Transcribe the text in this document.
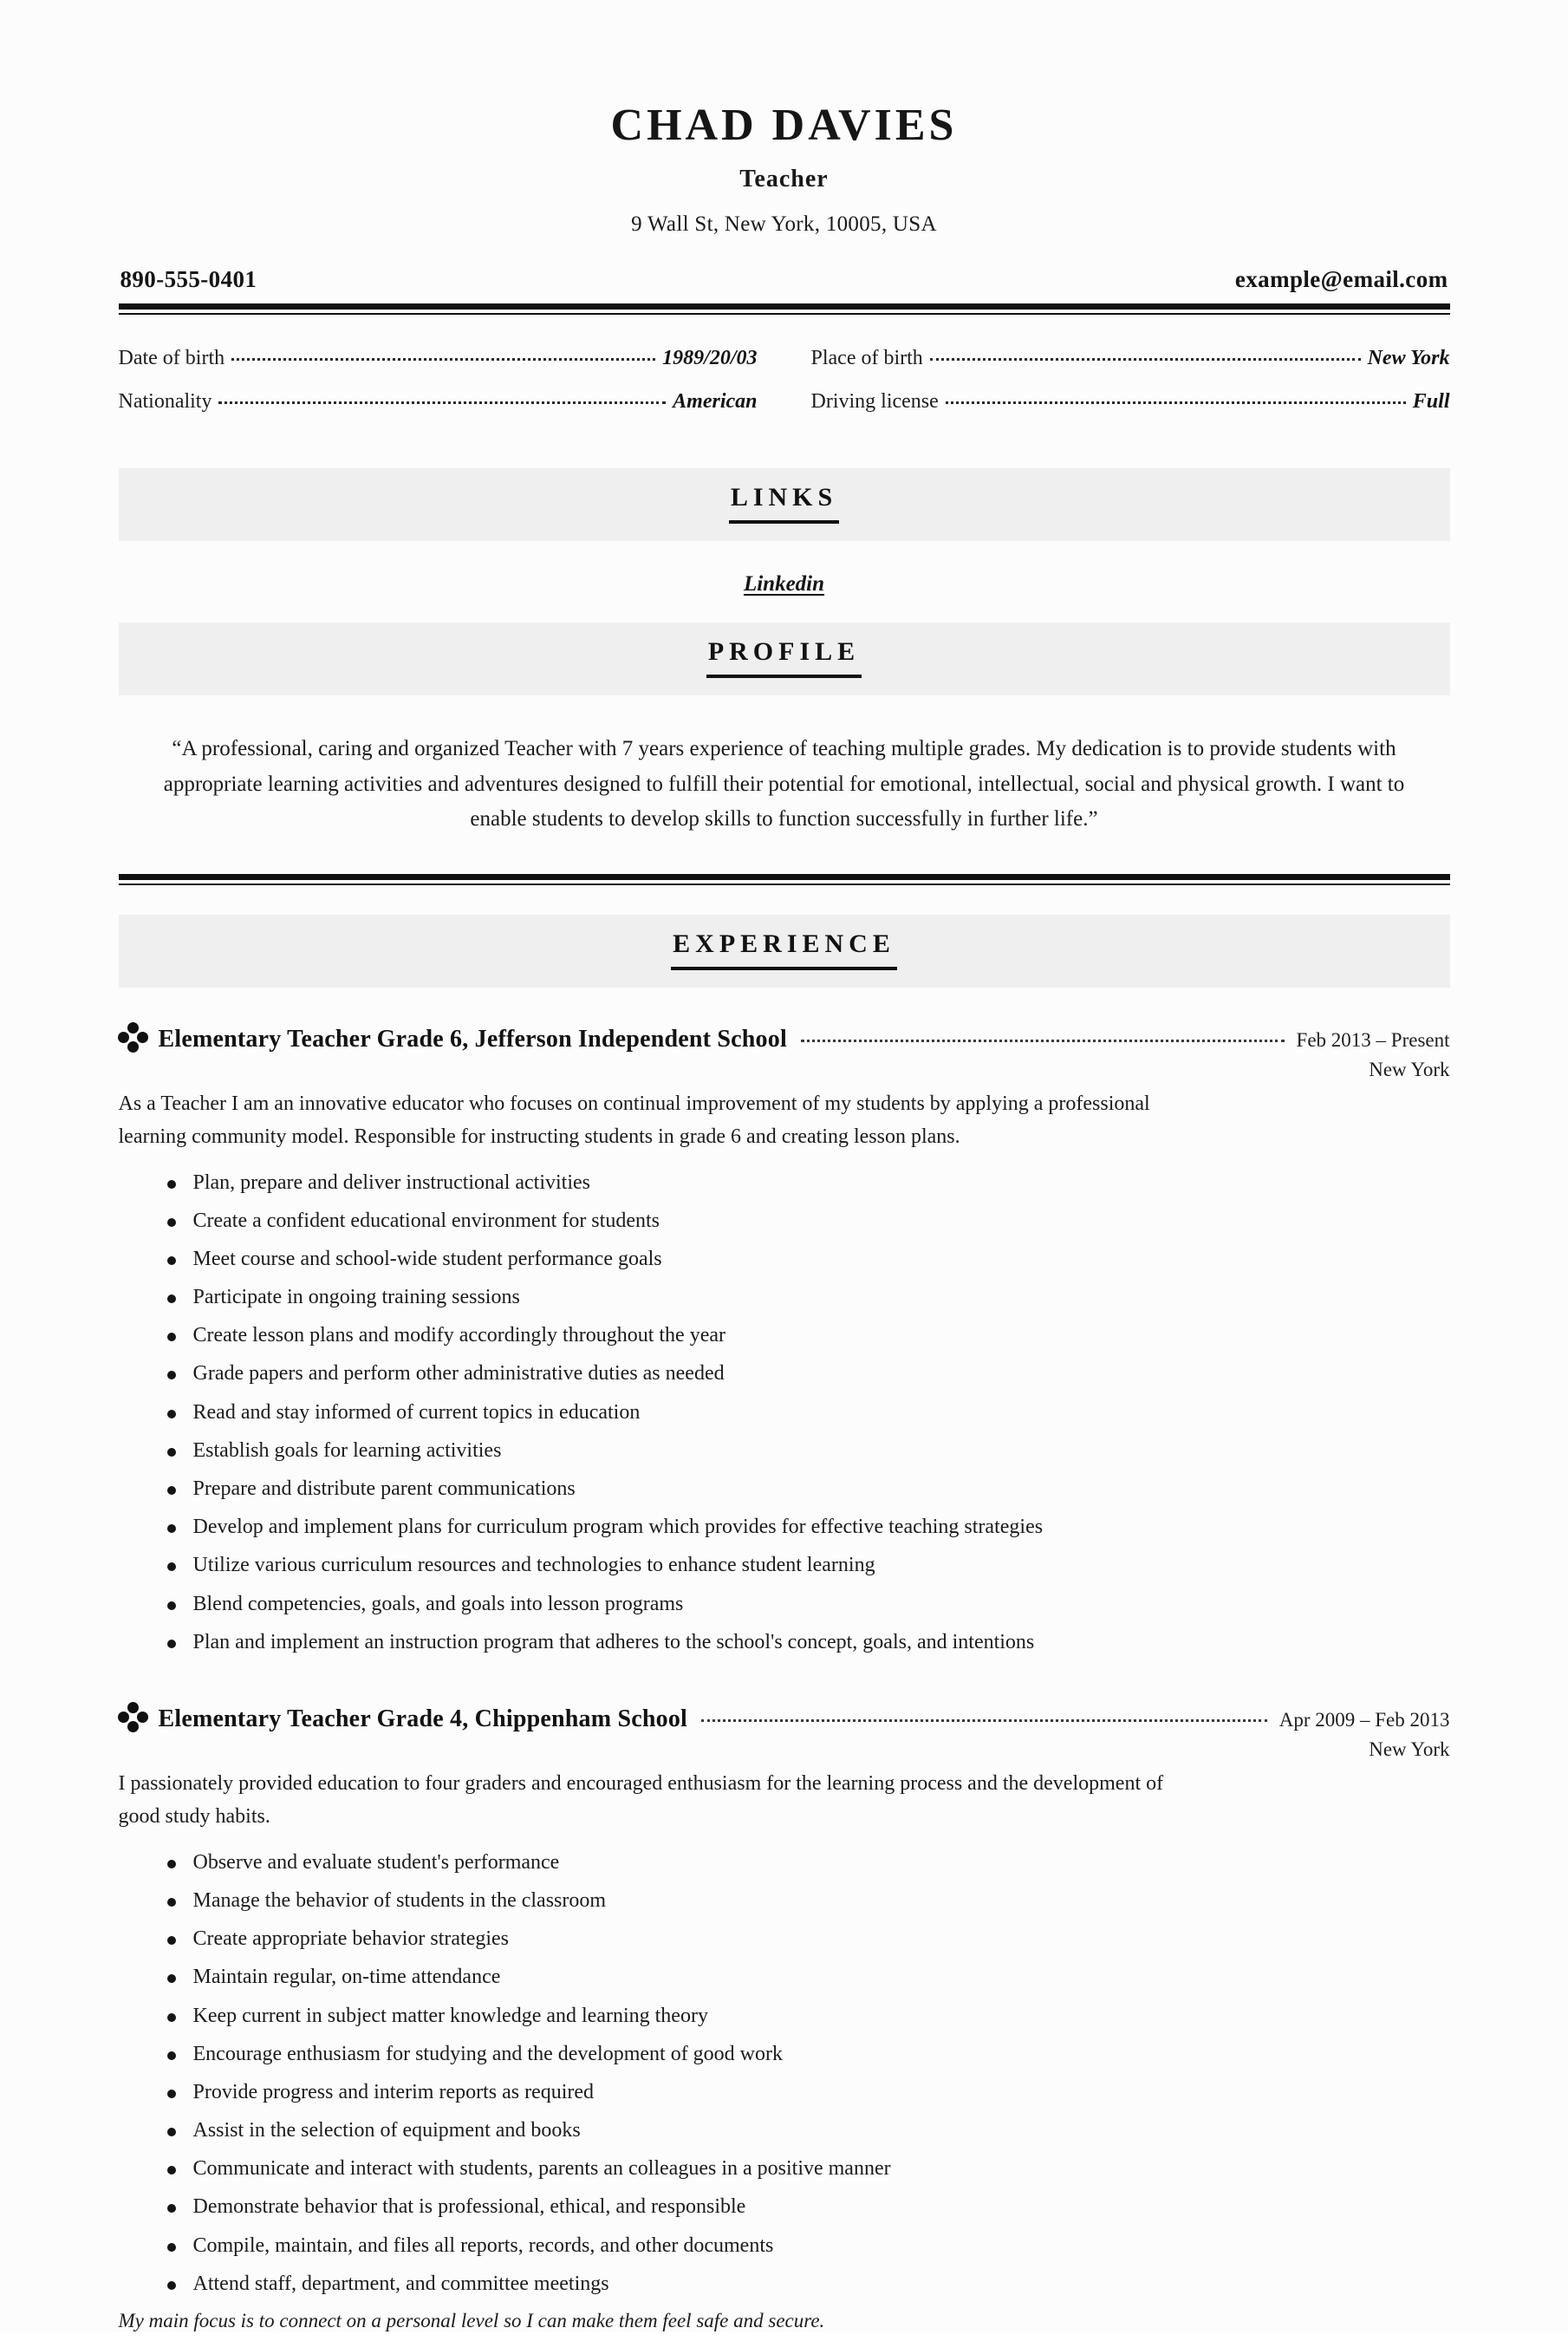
CHAD DAVIES
Teacher
9 Wall St, New York, 10005, USA
890-555-0401	example@email.com
Date of birth	1989/20/03
Nationality	American
Place of birth	New York
Driving license	Full
LINKS
Linkedin
PROFILE
“A professional, caring and organized Teacher with 7 years experience of teaching multiple grades. My dedication is to provide students with appropriate learning activities and adventures designed to fulfill their potential for emotional, intellectual, social and physical growth. I want to enable students to develop skills to function successfully in further life.”
EXPERIENCE
Elementary Teacher Grade 6, Jefferson Independent School	Feb 2013 – Present
New York

As a Teacher I am an innovative educator who focuses on continual improvement of my students by applying a professional learning community model. Responsible for instructing students in grade 6 and creating lesson plans.

Plan, prepare and deliver instructional activities
Create a confident educational environment for students
Meet course and school-wide student performance goals
Participate in ongoing training sessions
Create lesson plans and modify accordingly throughout the year
Grade papers and perform other administrative duties as needed
Read and stay informed of current topics in education
Establish goals for learning activities
Prepare and distribute parent communications
Develop and implement plans for curriculum program which provides for effective teaching strategies
Utilize various curriculum resources and technologies to enhance student learning
Blend competencies, goals, and goals into lesson programs
Plan and implement an instruction program that adheres to the school's concept, goals, and intentions
Elementary Teacher Grade 4, Chippenham School	Apr 2009 – Feb 2013
New York

I passionately provided education to four graders and encouraged enthusiasm for the learning process and the development of good study habits.

Observe and evaluate student's performance
Manage the behavior of students in the classroom
Create appropriate behavior strategies
Maintain regular, on-time attendance
Keep current in subject matter knowledge and learning theory
Encourage enthusiasm for studying and the development of good work
Provide progress and interim reports as required
Assist in the selection of equipment and books
Communicate and interact with students, parents an colleagues in a positive manner
Demonstrate behavior that is professional, ethical, and responsible
Compile, maintain, and files all reports, records, and other documents
Attend staff, department, and committee meetings

My main focus is to connect on a personal level so I can make them feel safe and secure.
